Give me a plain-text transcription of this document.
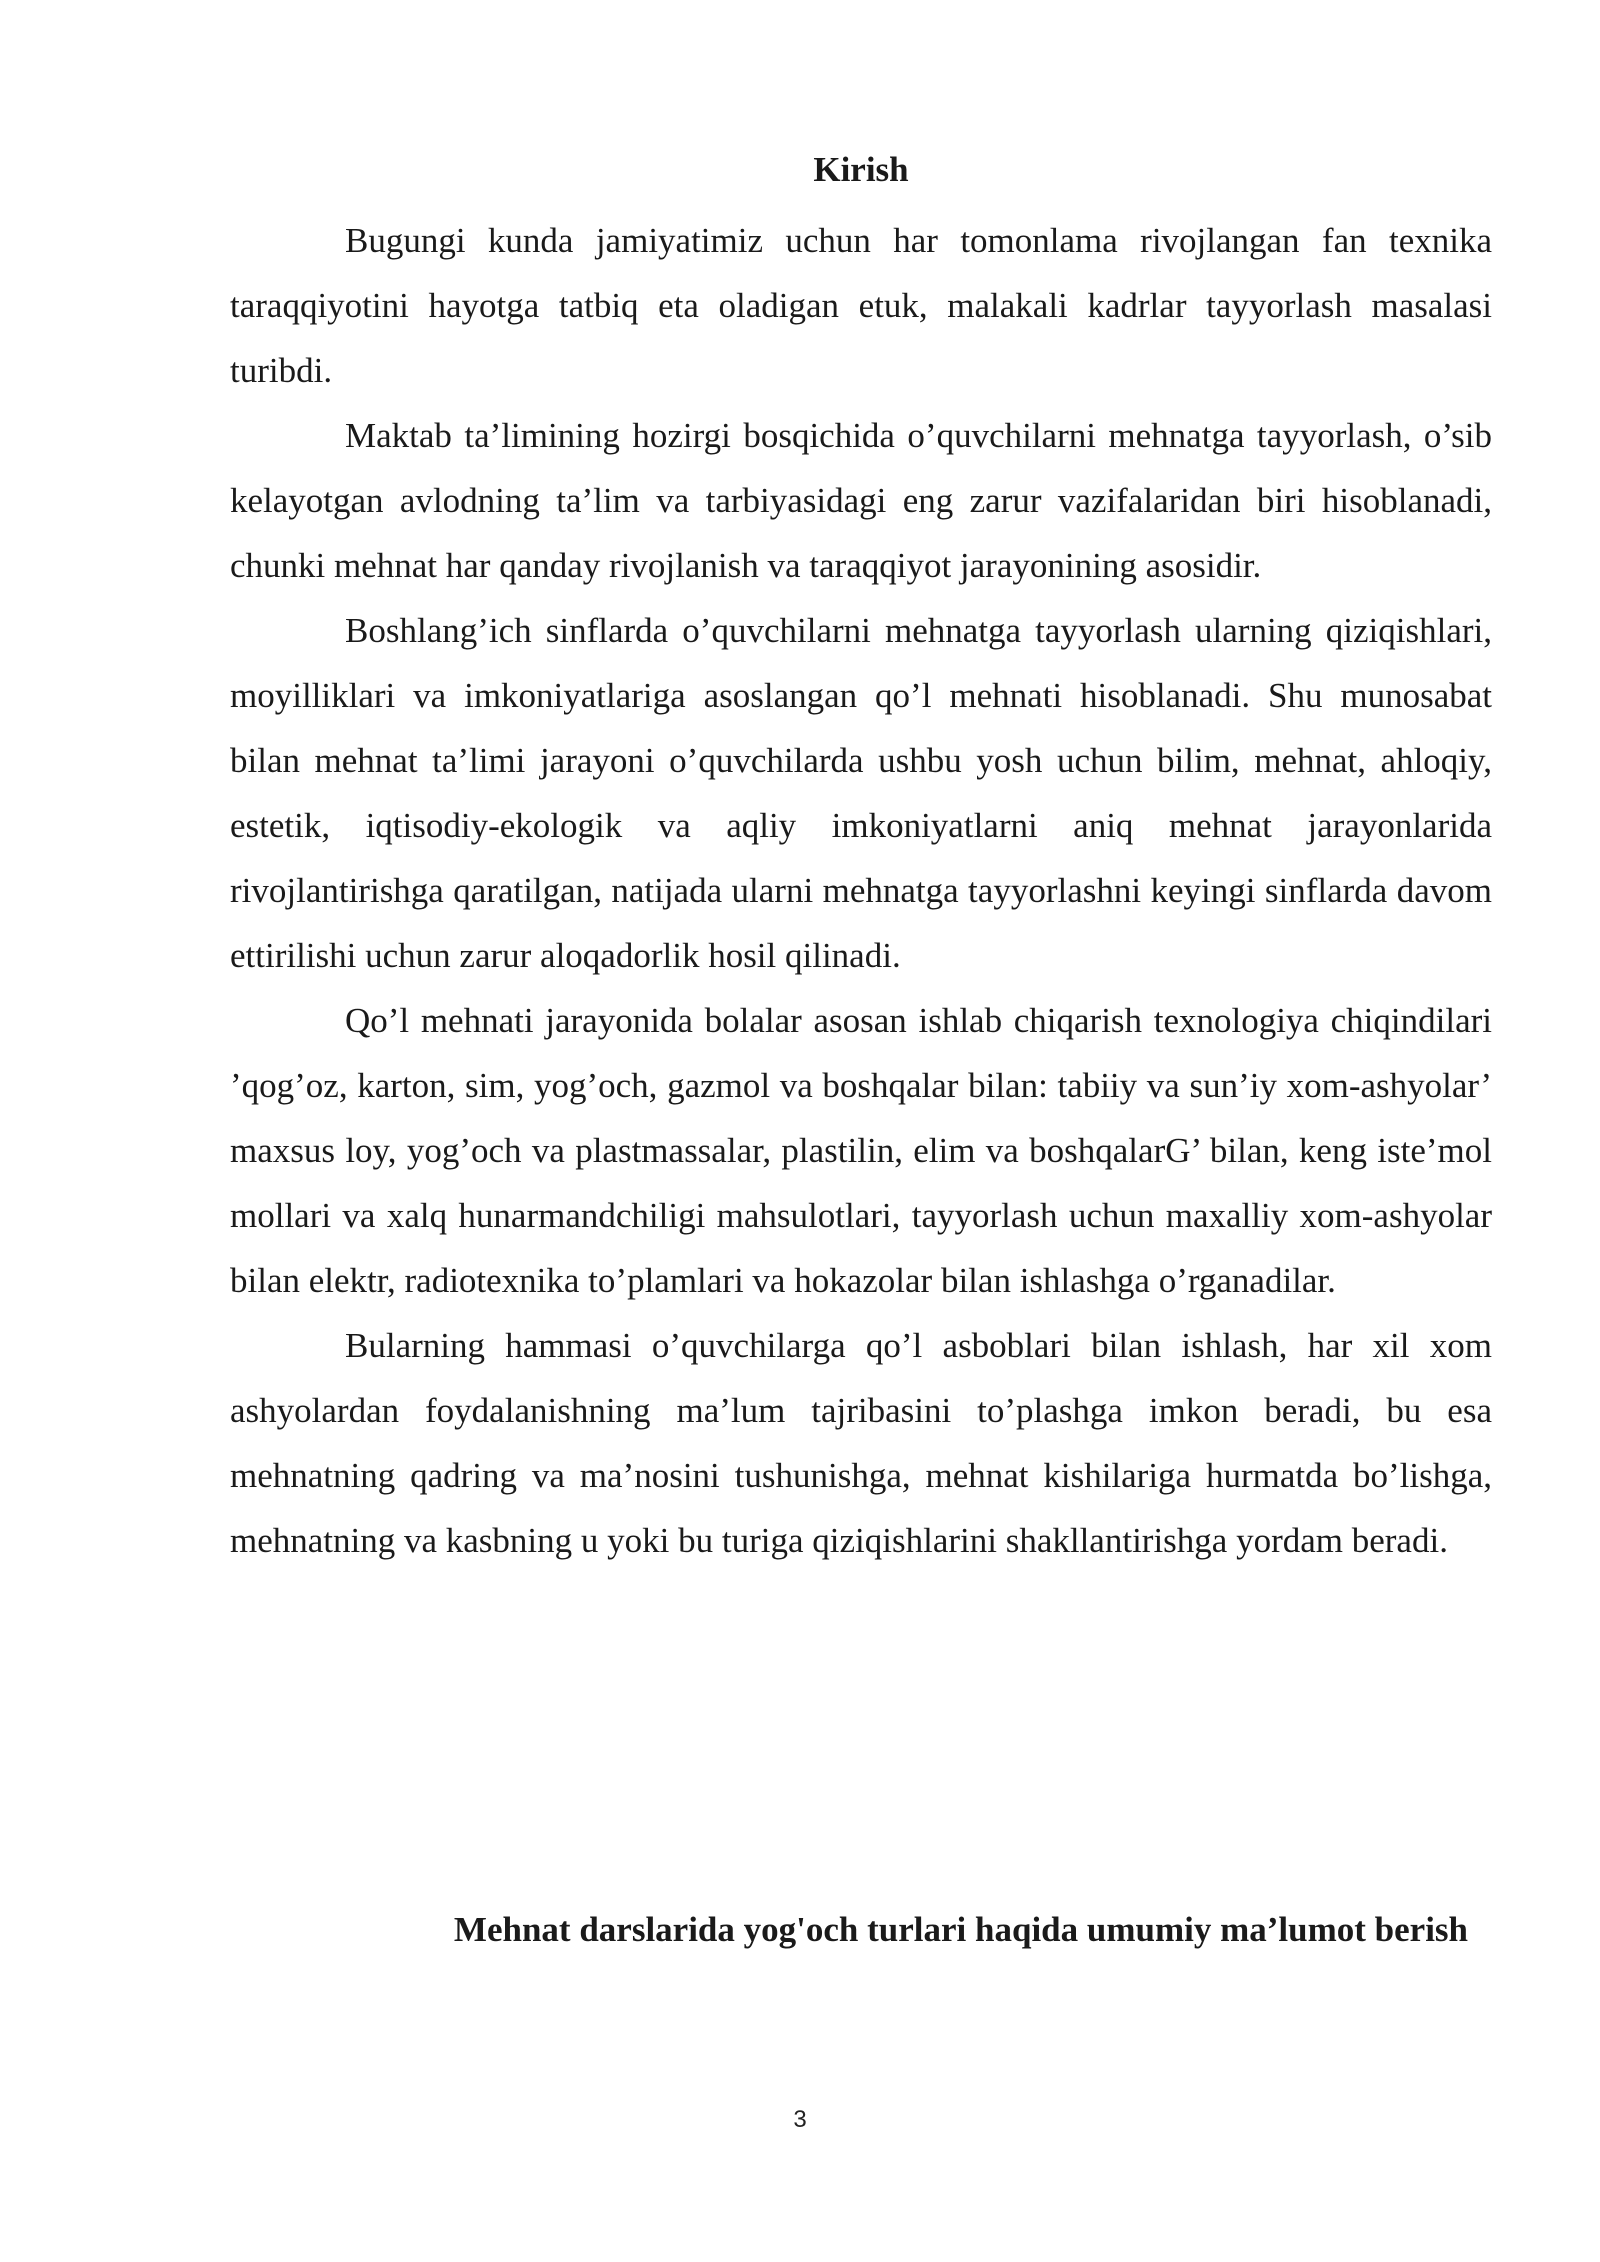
Kirish

Bugungi kunda jamiyatimiz uchun har tomonlama rivojlangan fan texnika taraqqiyotini hayotga tatbiq eta oladigan etuk, malakali kadrlar tayyorlash masalasi turibdi.

Maktab ta’limining hozirgi bosqichida o’quvchilarni mehnatga tayyorlash, o’sib kelayotgan avlodning ta’lim va tarbiyasidagi eng zarur vazifalaridan biri hisoblanadi, chunki mehnat har qanday rivojlanish va taraqqiyot jarayonining asosidir.

Boshlang’ich sinflarda o’quvchilarni mehnatga tayyorlash ularning qiziqishlari, moyilliklari va imkoniyatlariga asoslangan qo’l mehnati hisoblanadi. Shu munosabat bilan mehnat ta’limi jarayoni o’quvchilarda ushbu yosh uchun bilim, mehnat, ahloqiy, estetik, iqtisodiy-ekologik va aqliy imkoniyatlarni aniq mehnat jarayonlarida rivojlantirishga qaratilgan, natijada ularni mehnatga tayyorlashni keyingi sinflarda davom ettirilishi uchun zarur aloqadorlik hosil qilinadi.

Qo’l mehnati jarayonida bolalar asosan ishlab chiqarish texnologiya chiqindilari ’qog’oz, karton, sim, yog’och, gazmol va boshqalar bilan: tabiiy va sun’iy xom-ashyolar’ maxsus loy, yog’och va plastmassalar, plastilin, elim va boshqalarG’ bilan, keng iste’mol mollari va xalq hunarmandchiligi mahsulotlari, tayyorlash uchun maxalliy xom-ashyolar bilan elektr, radiotexnika to’plamlari va hokazolar bilan ishlashga o’rganadilar.

Bularning hammasi o’quvchilarga qo’l asboblari bilan ishlash, har xil xom ashyolardan foydalanishning ma’lum tajribasini to’plashga imkon beradi, bu esa mehnatning qadring va ma’nosini tushunishga, mehnat kishilariga hurmatda bo’lishga, mehnatning va kasbning u yoki bu turiga qiziqishlarini shakllantirishga yordam beradi.

Mehnat darslarida yog'och turlari haqida umumiy ma’lumot berish
3
